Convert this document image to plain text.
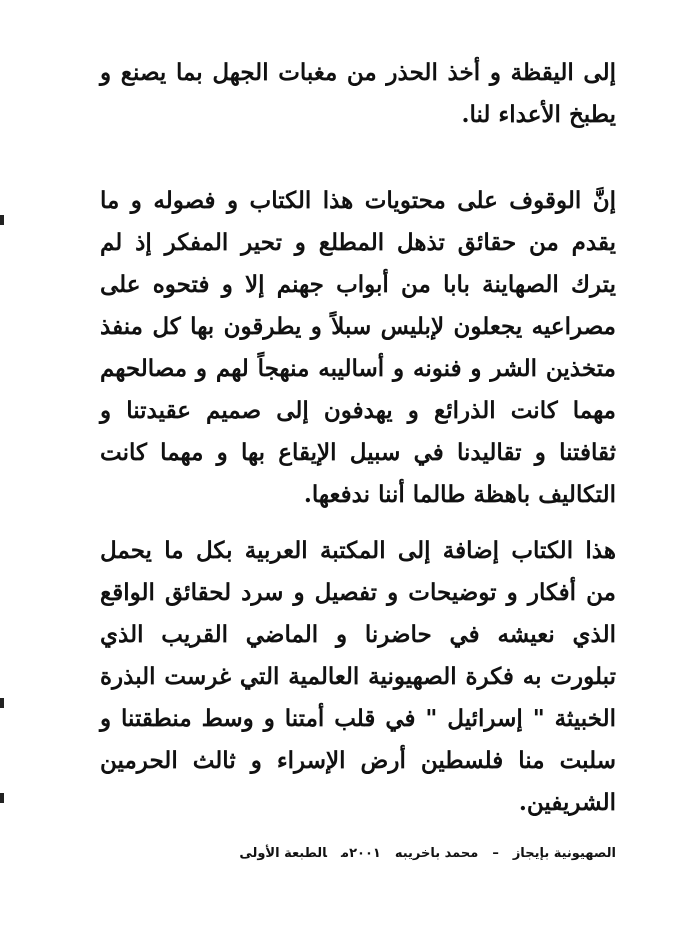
إلى اليقظة و أخذ الحذر من مغبات الجهل بما يصنع و يطبخ الأعداء لنا.

إنَّ الوقوف على محتويات هذا الكتاب و فصوله و ما يقدم من حقائق تذهل المطلع و تحير المفكر إذ لم يترك الصهاينة بابا من أبواب جهنم إلا و فتحوه على مصراعيه يجعلون لإبليس سبلاً و يطرقون بها كل منفذ متخذين الشر و فنونه و أساليبه منهجاً لهم و مصالحهم مهما كانت الذرائع و يهدفون إلى صميم عقيدتنا و ثقافتنا و تقاليدنا في سبيل الإيقاع بها و مهما كانت التكاليف باهظة طالما أننا ندفعها.

هذا الكتاب إضافة إلى المكتبة العربية بكل ما يحمل من أفكار و توضيحات و تفصيل و سرد لحقائق الواقع الذي نعيشه في حاضرنا و الماضي القريب الذي تبلورت به فكرة الصهيونية العالمية التي غرست البذرة الخبيثة " إسرائيل " في قلب أمتنا و وسط منطقتنا و سلبت منا فلسطين أرض الإسراء و ثالث الحرمين الشريفين.

الصهيونية بإيجاز–محمد باخريبه٢٠٠١مالطبعة الأولى
